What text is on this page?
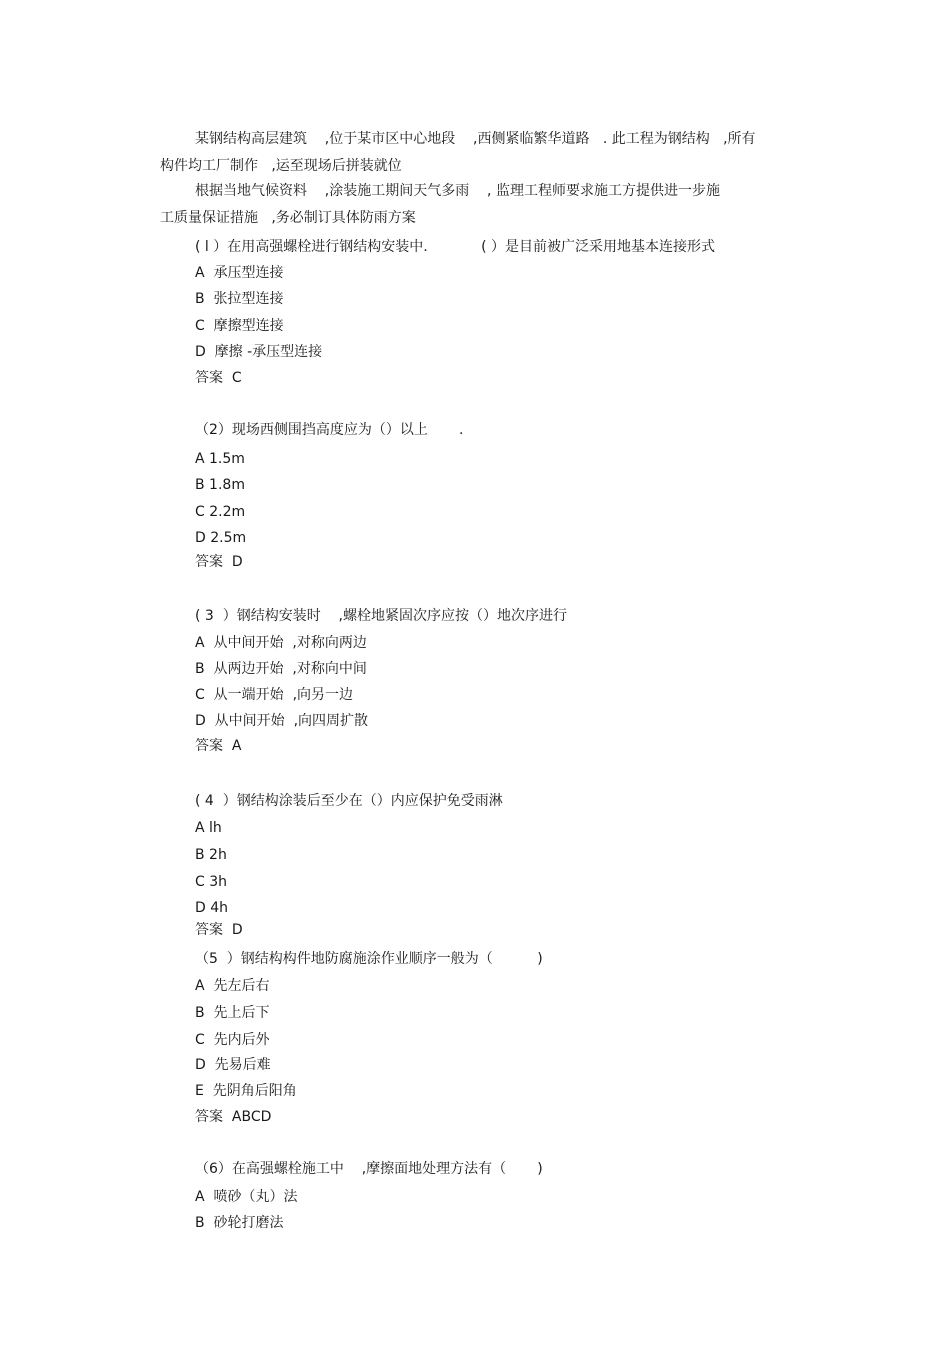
某钢结构高层建筑    ,位于某市区中心地段    ,西侧紧临繁华道路   . 此工程为钢结构   ,所有
构件均工厂制作   ,运至现场后拼装就位
根据当地气候资料    ,涂装施工期间天气多雨    , 监理工程师要求施工方提供进一步施
工质量保证措施   ,务必制订具体防雨方案
( l ）在用高强螺栓进行钢结构安装中.            ( ）是目前被广泛采用地基本连接形式
A  承压型连接
B  张拉型连接
C  摩擦型连接
D  摩擦 -承压型连接
答案  C
（2）现场西侧围挡高度应为（）以上       .
A 1.5m
B 1.8m
C 2.2m
D 2.5m
答案  D
( 3  ）钢结构安装时    ,螺栓地紧固次序应按（）地次序进行
A  从中间开始  ,对称向两边
B  从两边开始  ,对称向中间
C  从一端开始  ,向另一边
D  从中间开始  ,向四周扩散
答案  A
( 4  ）钢结构涂装后至少在（）内应保护免受雨淋
A lh
B 2h
C 3h
D 4h
答案  D
（5  ）钢结构构件地防腐施涂作业顺序一般为（          )
A  先左后右
B  先上后下
C  先内后外
D  先易后难
E  先阴角后阳角
答案  ABCD
（6）在高强螺栓施工中    ,摩擦面地处理方法有（       )
A  喷砂（丸）法
B  砂轮打磨法
